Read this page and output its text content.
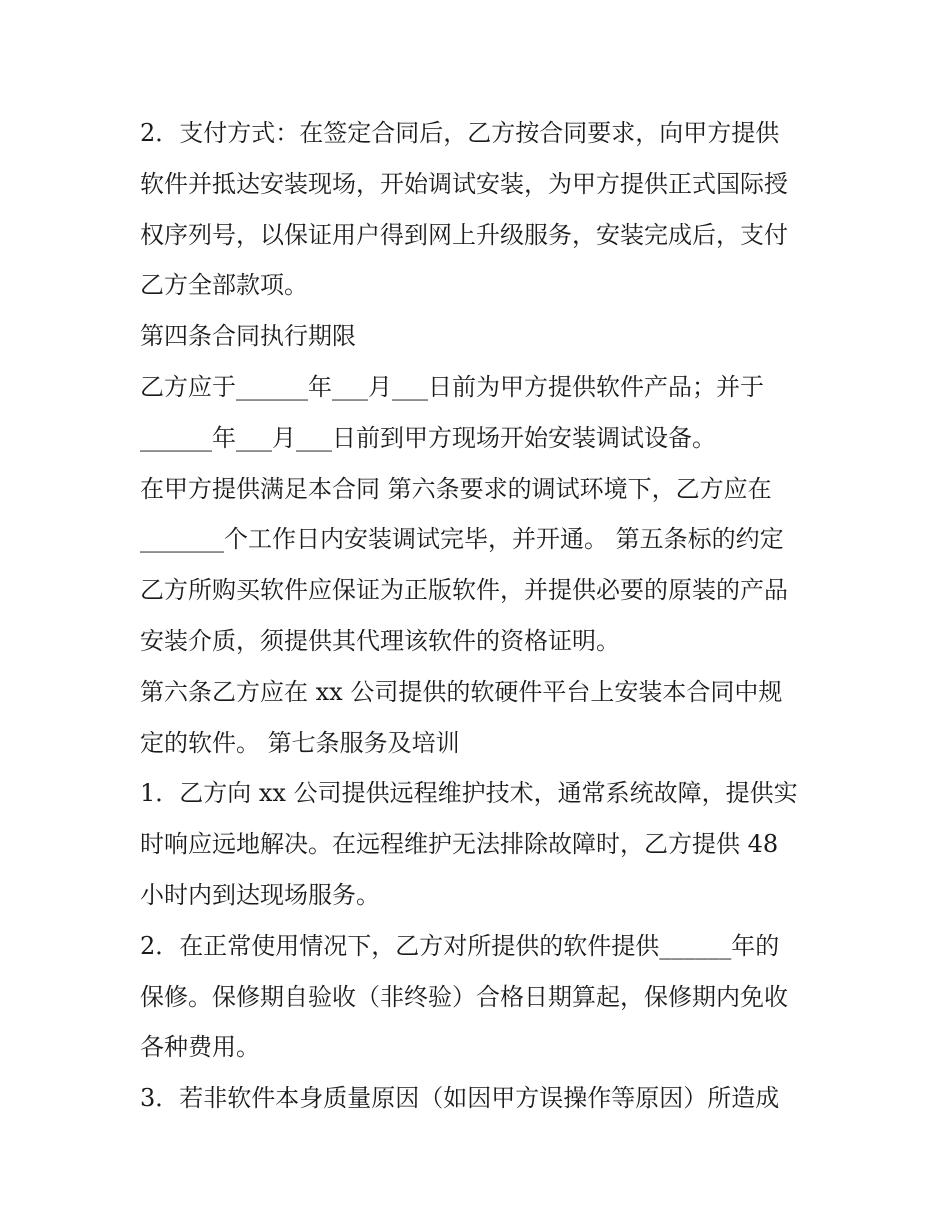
2．支付方式：在签定合同后，乙方按合同要求，向甲方提供
软件并抵达安装现场，开始调试安装，为甲方提供正式国际授
权序列号，以保证用户得到网上升级服务，安装完成后，支付
乙方全部款项。
第四条合同执行期限
乙方应于______年___月___日前为甲方提供软件产品；并于
______年___月___日前到甲方现场开始安装调试设备。
在甲方提供满足本合同 第六条要求的调试环境下，乙方应在
_______个工作日内安装调试完毕，并开通。 第五条标的约定
乙方所购买软件应保证为正版软件，并提供必要的原装的产品
安装介质，须提供其代理该软件的资格证明。
第六条乙方应在 xx 公司提供的软硬件平台上安装本合同中规
定的软件。 第七条服务及培训
1．乙方向 xx 公司提供远程维护技术，通常系统故障，提供实
时响应远地解决。在远程维护无法排除故障时，乙方提供 48
小时内到达现场服务。
2．在正常使用情况下，乙方对所提供的软件提供______年的
保修。保修期自验收（非终验）合格日期算起，保修期内免收
各种费用。
3．若非软件本身质量原因（如因甲方误操作等原因）所造成
